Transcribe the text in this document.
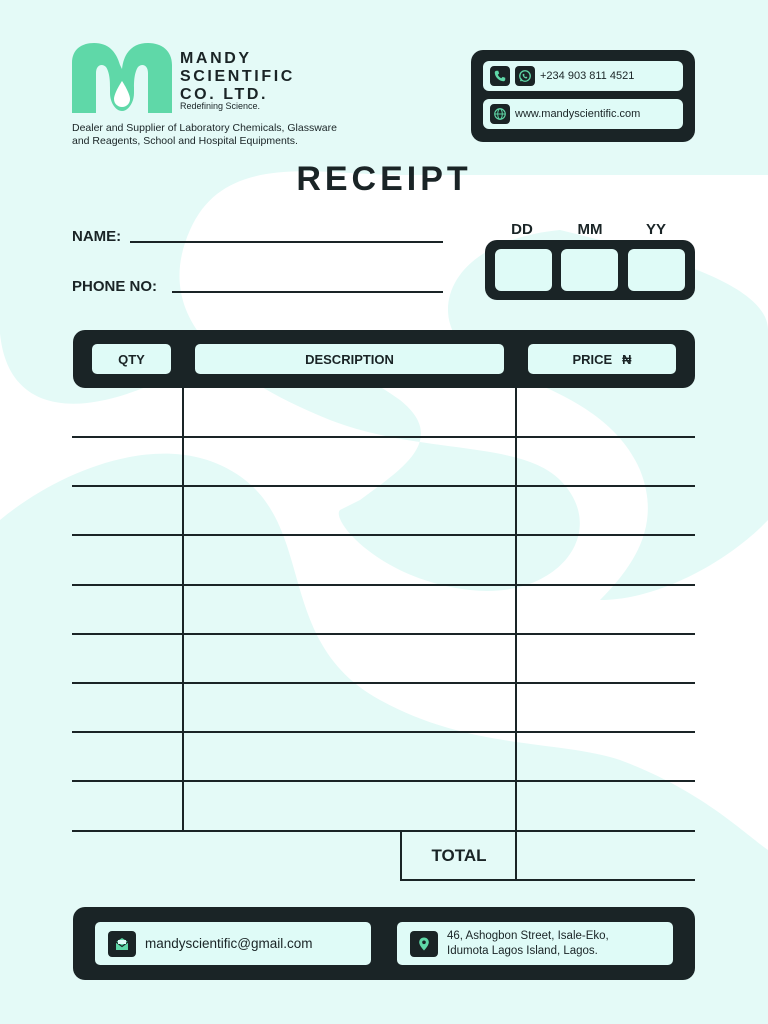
MANDY
SCIENTIFIC
CO. LTD.
Redefining Science.
Dealer and Supplier of Laboratory Chemicals, Glassware
and Reagents, School and Hospital Equipments.
+234 903 811 4521
www.mandyscientific.com
RECEIPT
NAME:
PHONE NO:
DD	MM	YY
QTY	DESCRIPTION	PRICE ₦
TOTAL
mandyscientific@gmail.com
46, Ashogbon Street, Isale-Eko,
Idumota Lagos Island, Lagos.
